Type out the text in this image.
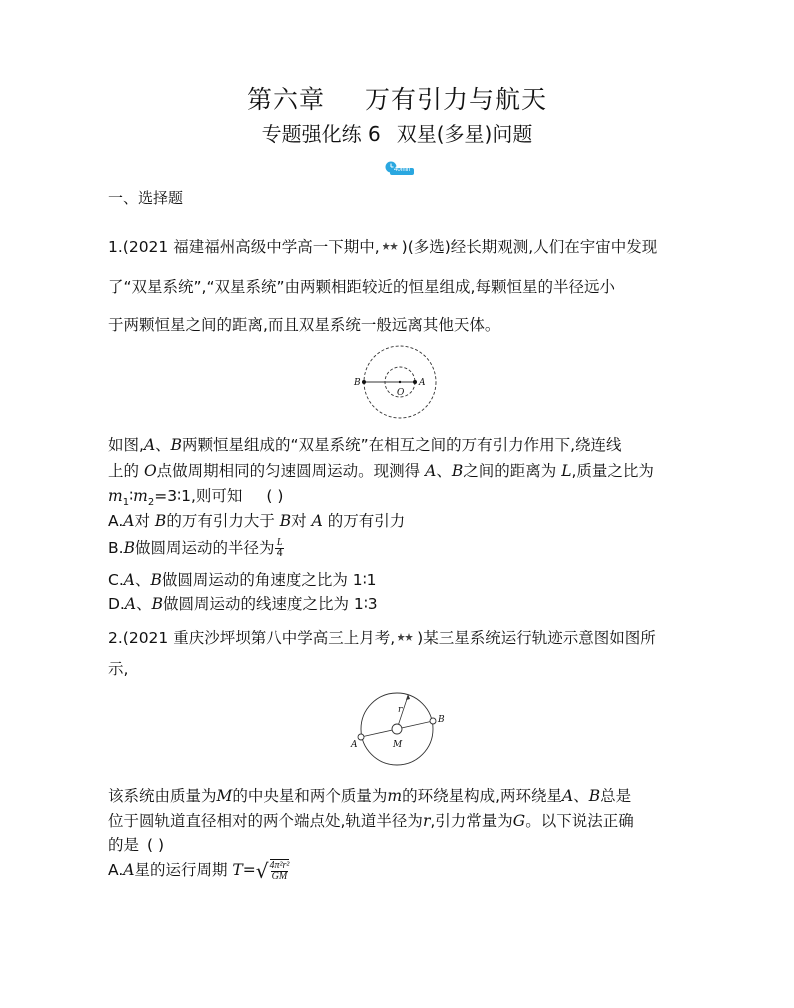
第六章 万有引力与航天
专题强化练 6 双星(多星)问题
40min
一、选择题
1.(2021 福建福州高级中学高一下期中, )(多选)经长期观测,人们在宇宙中发现
了“双星系统”,“双星系统”由两颗相距较近的恒星组成,每颗恒星的半径远小
于两颗恒星之间的距离,而且双星系统一般远离其他天体。
B	A
O
如图,A、B两颗恒星组成的“双星系统”在相互之间的万有引力作用下,绕连线
上的 O点做周期相同的匀速圆周运动。现测得 A、B之间的距离为 L,质量之比为
$m_1∶m_2=3∶1$,则可知 ( )
A.A对 B的万有引力大于 B对 A 的万有引力
B.B做圆周运动的半径为 $\frac{L}{4}$
C.A、B做圆周运动的角速度之比为 1∶1
D.A、B做圆周运动的线速度之比为 1∶3
2.(2021 重庆沙坪坝第八中学高三上月考, )某三星系统运行轨迹示意图如图所
示,
A
B
M
r
该系统由质量为M的中央星和两个质量为m的环绕星构成,两环绕星A、B总是
位于圆轨道直径相对的两个端点处,轨道半径为r,引力常量为G。以下说法正确
的是 ( )
A.A星的运行周期 T= √ $\frac{\text{4π²r²}}{GM}$
